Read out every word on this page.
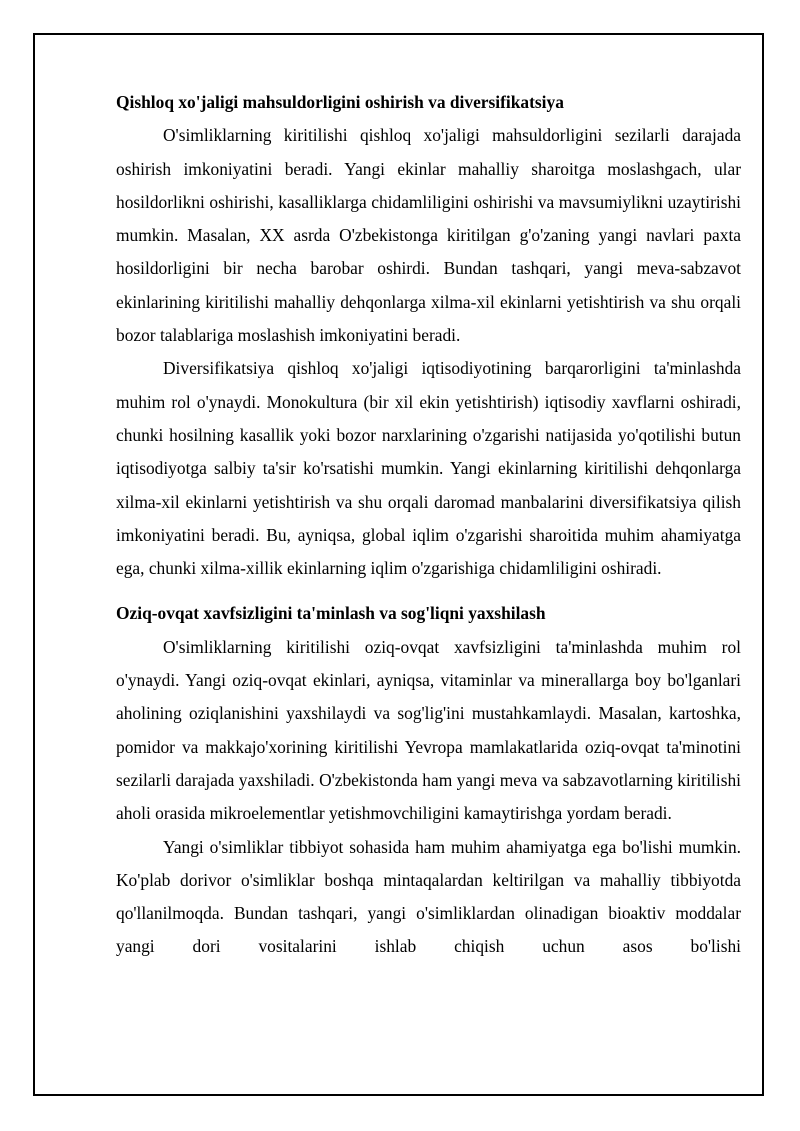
Qishloq xo'jaligi mahsuldorligini oshirish va diversifikatsiya

O'simliklarning kiritilishi qishloq xo'jaligi mahsuldorligini sezilarli darajada oshirish imkoniyatini beradi. Yangi ekinlar mahalliy sharoitga moslashgach, ular hosildorlikni oshirishi, kasalliklarga chidamliligini oshirishi va mavsumiylikni uzaytirishi mumkin. Masalan, XX asrda O'zbekistonga kiritilgan g'o'zaning yangi navlari paxta hosildorligini bir necha barobar oshirdi. Bundan tashqari, yangi meva-sabzavot ekinlarining kiritilishi mahalliy dehqonlarga xilma-xil ekinlarni yetishtirish va shu orqali bozor talablariga moslashish imkoniyatini beradi.

Diversifikatsiya qishloq xo'jaligi iqtisodiyotining barqarorligini ta'minlashda muhim rol o'ynaydi. Monokultura (bir xil ekin yetishtirish) iqtisodiy xavflarni oshiradi, chunki hosilning kasallik yoki bozor narxlarining o'zgarishi natijasida yo'qotilishi butun iqtisodiyotga salbiy ta'sir ko'rsatishi mumkin. Yangi ekinlarning kiritilishi dehqonlarga xilma-xil ekinlarni yetishtirish va shu orqali daromad manbalarini diversifikatsiya qilish imkoniyatini beradi. Bu, ayniqsa, global iqlim o'zgarishi sharoitida muhim ahamiyatga ega, chunki xilma-xillik ekinlarning iqlim o'zgarishiga chidamliligini oshiradi.

Oziq-ovqat xavfsizligini ta'minlash va sog'liqni yaxshilash

O'simliklarning kiritilishi oziq-ovqat xavfsizligini ta'minlashda muhim rol o'ynaydi. Yangi oziq-ovqat ekinlari, ayniqsa, vitaminlar va minerallarga boy bo'lganlari aholining oziqlanishini yaxshilaydi va sog'lig'ini mustahkamlaydi. Masalan, kartoshka, pomidor va makkajo'xorining kiritilishi Yevropa mamlakatlarida oziq-ovqat ta'minotini sezilarli darajada yaxshiladi. O'zbekistonda ham yangi meva va sabzavotlarning kiritilishi aholi orasida mikroelementlar yetishmovchiligini kamaytirishga yordam beradi.

Yangi o'simliklar tibbiyot sohasida ham muhim ahamiyatga ega bo'lishi mumkin. Ko'plab dorivor o'simliklar boshqa mintaqalardan keltirilgan va mahalliy tibbiyotda qo'llanilmoqda. Bundan tashqari, yangi o'simliklardan olinadigan bioaktiv moddalar yangi dori vositalarini ishlab chiqish uchun asos bo'lishi
